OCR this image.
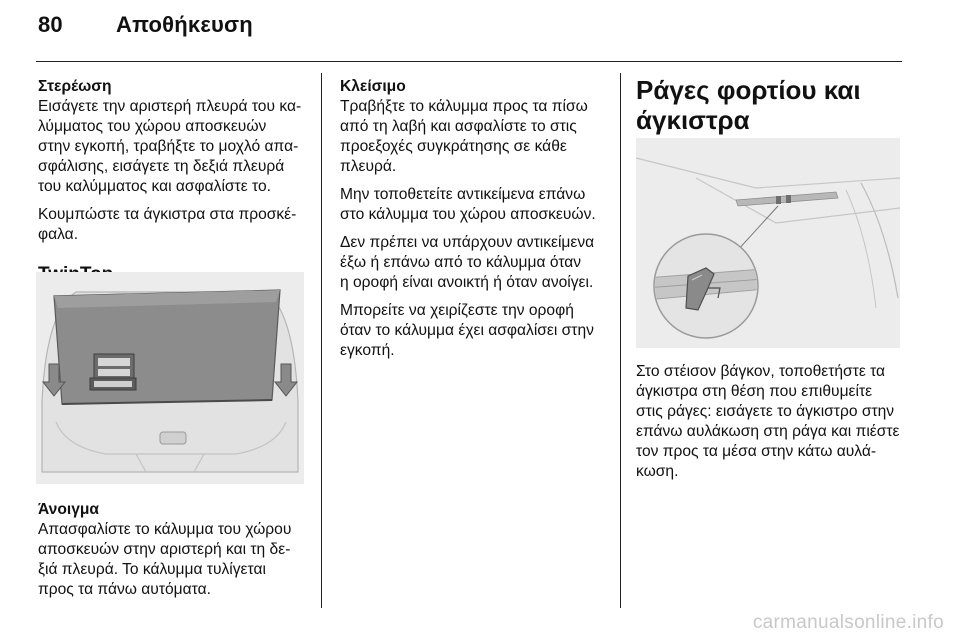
80 Αποθήκευση

Στερέωση

Εισάγετε την αριστερή πλευρά του κα-
λύμματος του χώρου αποσκευών
στην εγκοπή, τραβήξτε το μοχλό απα-
σφάλισης, εισάγετε τη δεξιά πλευρά
του καλύμματος και ασφαλίστε το.

Κουμπώστε τα άγκιστρα στα προσκέ-
φαλα.

Άνοιγμα

Απασφαλίστε το κάλυμμα του χώρου
αποσκευών στην αριστερή και τη δε-
ξιά πλευρά. Το κάλυμμα τυλίγεται
προς τα πάνω αυτόματα.

Κλείσιμο

Τραβήξτε το κάλυμμα προς τα πίσω
από τη λαβή και ασφαλίστε το στις
προεξοχές συγκράτησης σε κάθε
πλευρά.

Μην τοποθετείτε αντικείμενα επάνω
στο κάλυμμα του χώρου αποσκευών.

Δεν πρέπει να υπάρχουν αντικείμενα
έξω ή επάνω από το κάλυμμα όταν
η οροφή είναι ανοικτή ή όταν ανοίγει.

Μπορείτε να χειρίζεστε την οροφή
όταν το κάλυμμα έχει ασφαλίσει στην
εγκοπή.

Ράγες φορτίου και
άγκιστρα

Στο στέισον βάγκον, τοποθετήστε τα
άγκιστρα στη θέση που επιθυμείτε
στις ράγες: εισάγετε το άγκιστρο στην
επάνω αυλάκωση στη ράγα και πιέστε
τον προς τα μέσα στην κάτω αυλά-
κωση.

carmanualsonline.info
